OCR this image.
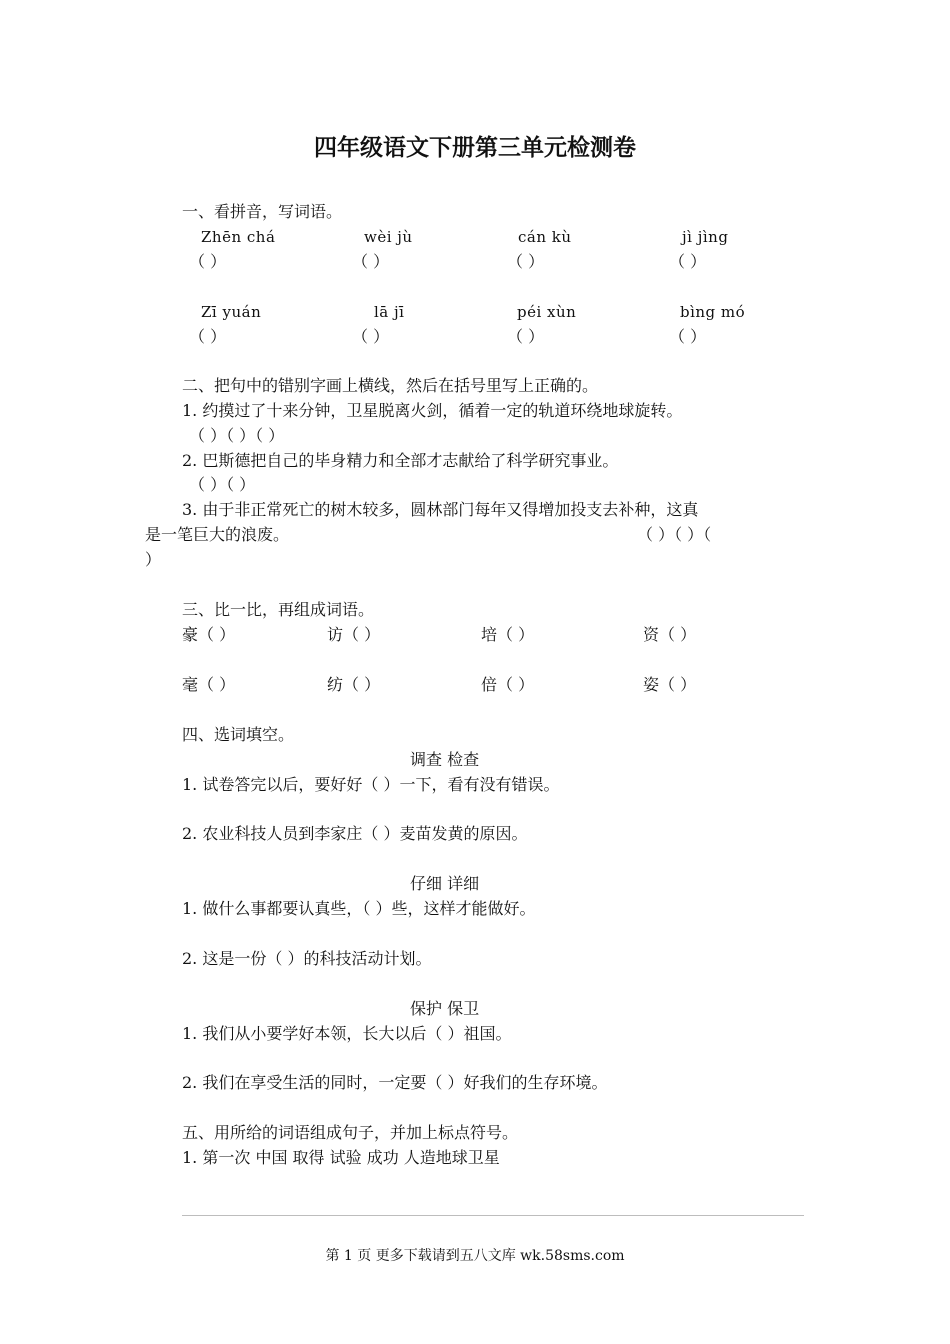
四年级语文下册第三单元检测卷
一、看拼音，写词语。
Zhēn chá	wèi jù	cán kù	jì jìng
（ ）	（ ）	（ ）	（ ）
Zī yuán	lā jī	péi xùn	bìng mó
（ ）	（ ）	（ ）	（ ）
二、把句中的错别字画上横线，然后在括号里写上正确的。
1. 约摸过了十来分钟，卫星脱离火剑，循着一定的轨道环绕地球旋转。
（ ）（ ）（ ）
2. 巴斯德把自己的毕身精力和全部才志献给了科学研究事业。
（ ）（ ）
3. 由于非正常死亡的树木较多，圆林部门每年又得增加投支去补种，这真
是一笔巨大的浪废。	（ ）（ ）（
）
三、比一比，再组成词语。
豪（ ）	访（ ）	培（ ）	资（ ）
毫（ ）	纺（ ）	倍（ ）	姿（ ）
四、选词填空。
调查 检查
1. 试卷答完以后，要好好（ ）一下，看有没有错误。
2. 农业科技人员到李家庄（ ）麦苗发黄的原因。
仔细 详细
1. 做什么事都要认真些，（ ）些，这样才能做好。
2. 这是一份（ ）的科技活动计划。
保护 保卫
1. 我们从小要学好本领，长大以后（ ）祖国。
2. 我们在享受生活的同时，一定要（ ）好我们的生存环境。
五、用所给的词语组成句子，并加上标点符号。
1. 第一次 中国 取得 试验 成功 人造地球卫星
第 1 页 更多下载请到五八文库 wk.58sms.com
